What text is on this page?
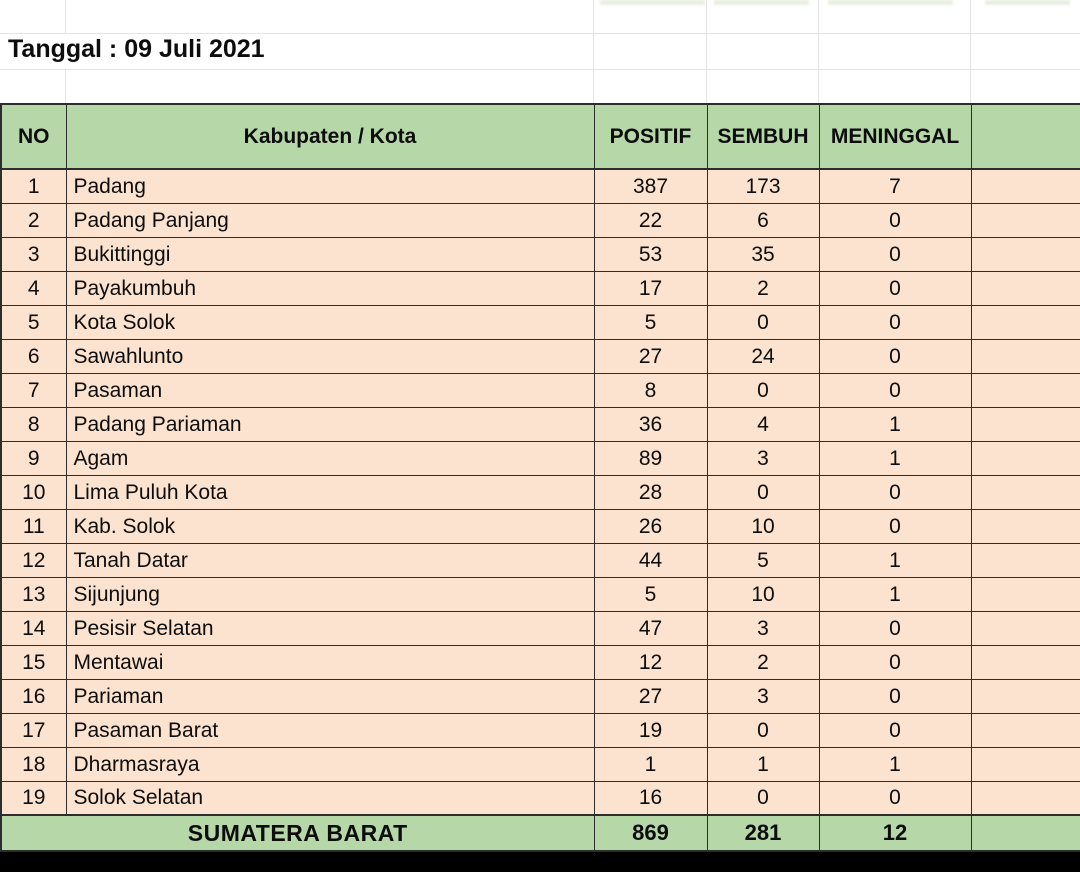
Tanggal : 09 Juli 2021
NO	Kabupaten / Kota	POSITIF	SEMBUH	MENINGGAL	
1	Padang	387	173	7	
2	Padang Panjang	22	6	0	
3	Bukittinggi	53	35	0	
4	Payakumbuh	17	2	0	
5	Kota Solok	5	0	0	
6	Sawahlunto	27	24	0	
7	Pasaman	8	0	0	
8	Padang Pariaman	36	4	1	
9	Agam	89	3	1	
10	Lima Puluh Kota	28	0	0	
11	Kab. Solok	26	10	0	
12	Tanah Datar	44	5	1	
13	Sijunjung	5	10	1	
14	Pesisir Selatan	47	3	0	
15	Mentawai	12	2	0	
16	Pariaman	27	3	0	
17	Pasaman Barat	19	0	0	
18	Dharmasraya	1	1	1	
19	Solok Selatan	16	0	0	
SUMATERA BARAT		869	281	12	
